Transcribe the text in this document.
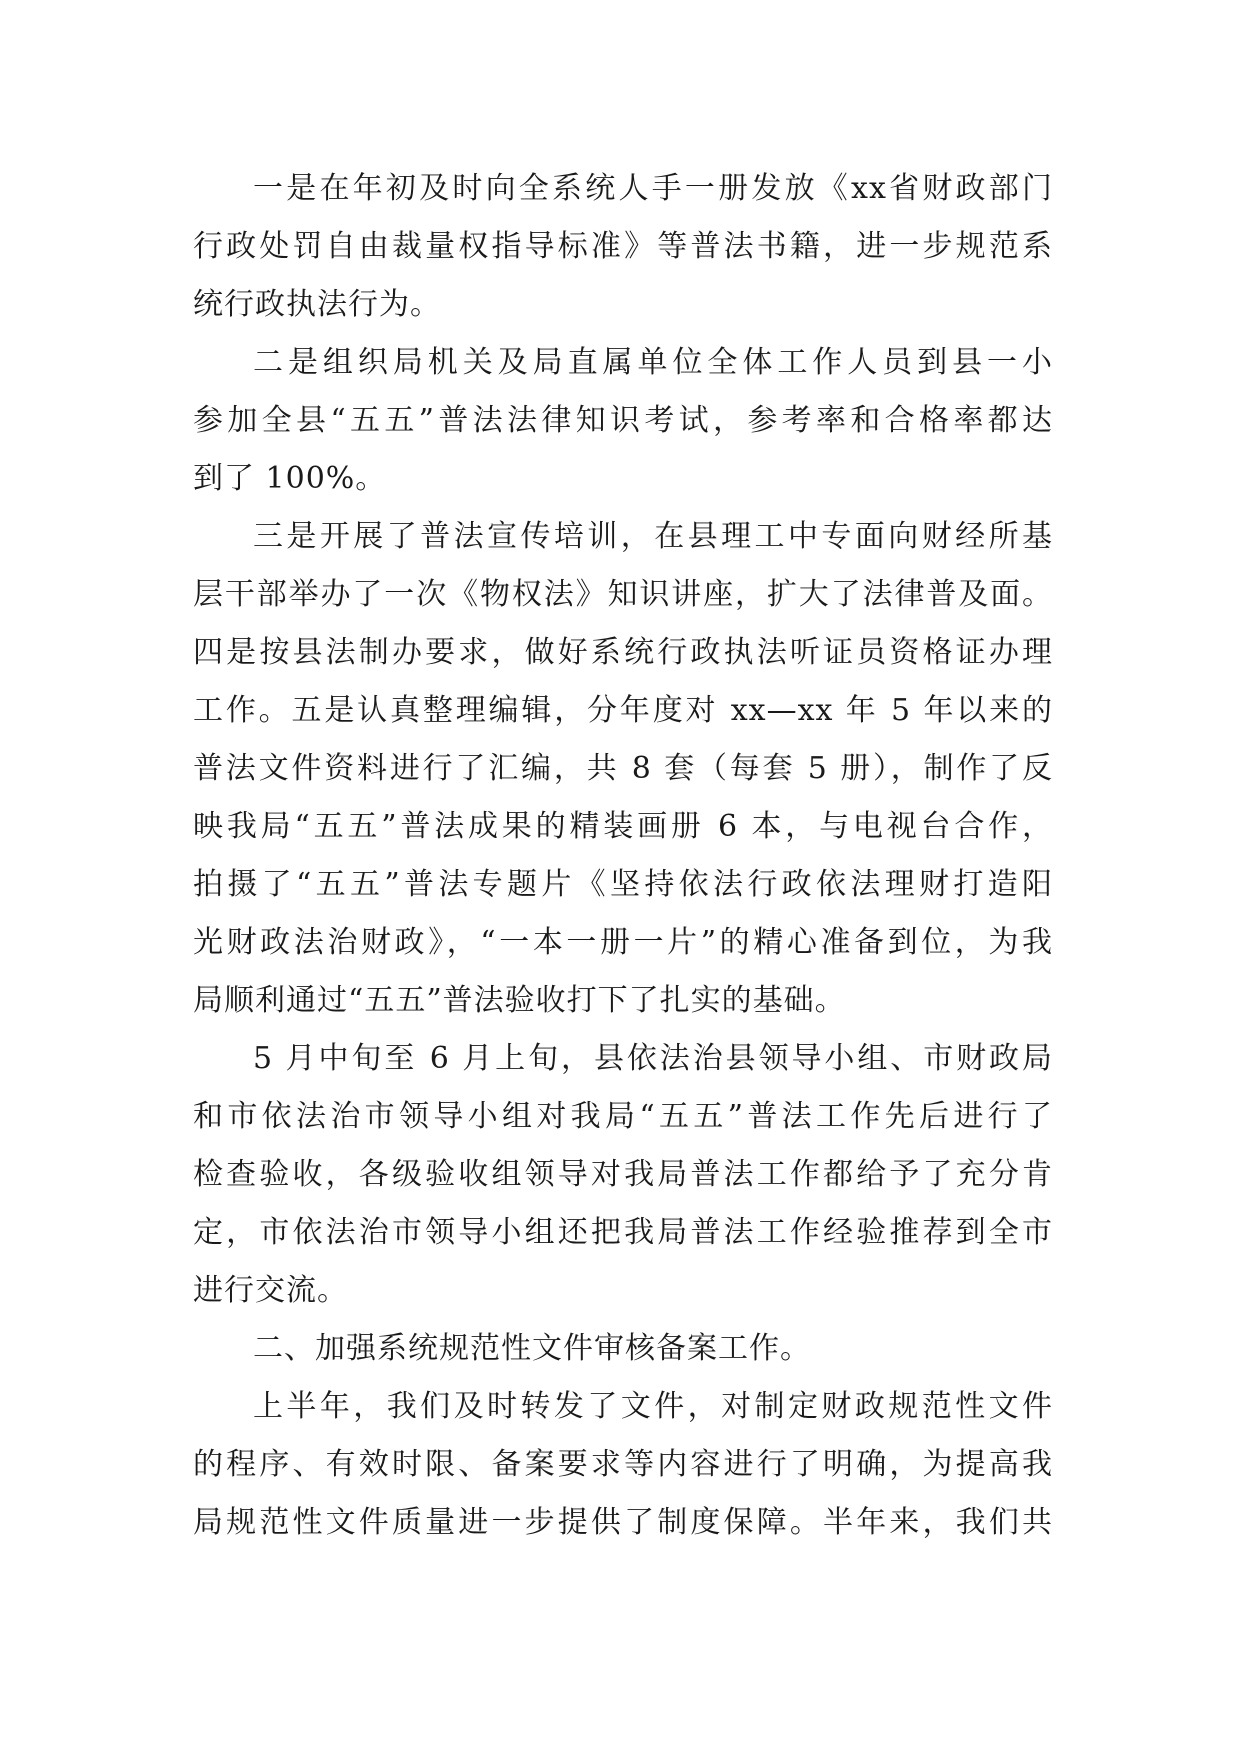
一是在年初及时向全系统人手一册发放《xx省财政部门
行政处罚自由裁量权指导标准》等普法书籍，进一步规范系
统行政执法行为。
二是组织局机关及局直属单位全体工作人员到县一小
参加全县“五五”普法法律知识考试，参考率和合格率都达
到了 100%。
三是开展了普法宣传培训，在县理工中专面向财经所基
层干部举办了一次《物权法》知识讲座，扩大了法律普及面。
四是按县法制办要求，做好系统行政执法听证员资格证办理
工作。五是认真整理编辑，分年度对 xx—xx 年 5 年以来的
普法文件资料进行了汇编，共 8 套（每套 5 册），制作了反
映我局“五五”普法成果的精装画册 6 本，与电视台合作，
拍摄了“五五”普法专题片《坚持依法行政依法理财打造阳
光财政法治财政》，“一本一册一片”的精心准备到位，为我
局顺利通过“五五”普法验收打下了扎实的基础。
5 月中旬至 6 月上旬，县依法治县领导小组、市财政局
和市依法治市领导小组对我局“五五”普法工作先后进行了
检查验收，各级验收组领导对我局普法工作都给予了充分肯
定，市依法治市领导小组还把我局普法工作经验推荐到全市
进行交流。
二、加强系统规范性文件审核备案工作。
上半年，我们及时转发了文件，对制定财政规范性文件
的程序、有效时限、备案要求等内容进行了明确，为提高我
局规范性文件质量进一步提供了制度保障。半年来，我们共
